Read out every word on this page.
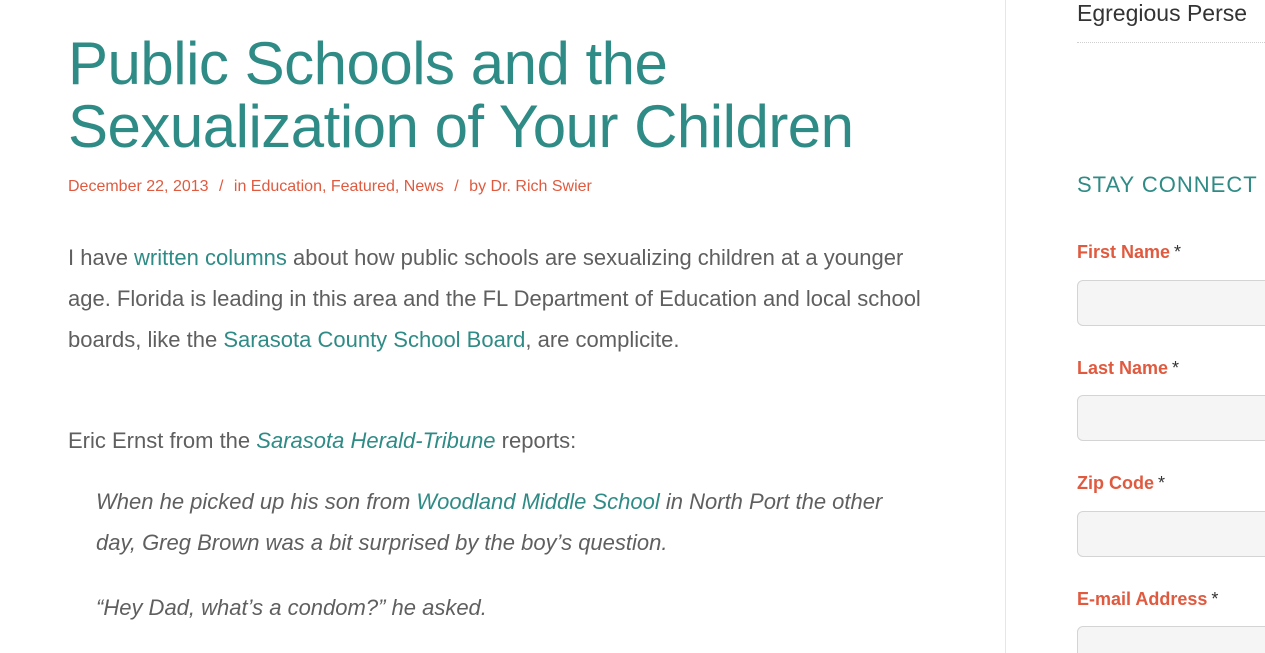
Public Schools and the Sexualization of Your Children
December 22, 2013 / in Education, Featured, News / by Dr. Rich Swier

I have written columns about how public schools are sexualizing children at a younger age. Florida is leading in this area and the FL Department of Education and local school boards, like the Sarasota County School Board, are complicite.

Eric Ernst from the Sarasota Herald-Tribune reports:

When he picked up his son from Woodland Middle School in North Port the other day, Greg Brown was a bit surprised by the boy’s question.

“Hey Dad, what’s a condom?” he asked.

Egregious Perse
STAY CONNECT
First Name *
Last Name *
Zip Code *
E-mail Address *
